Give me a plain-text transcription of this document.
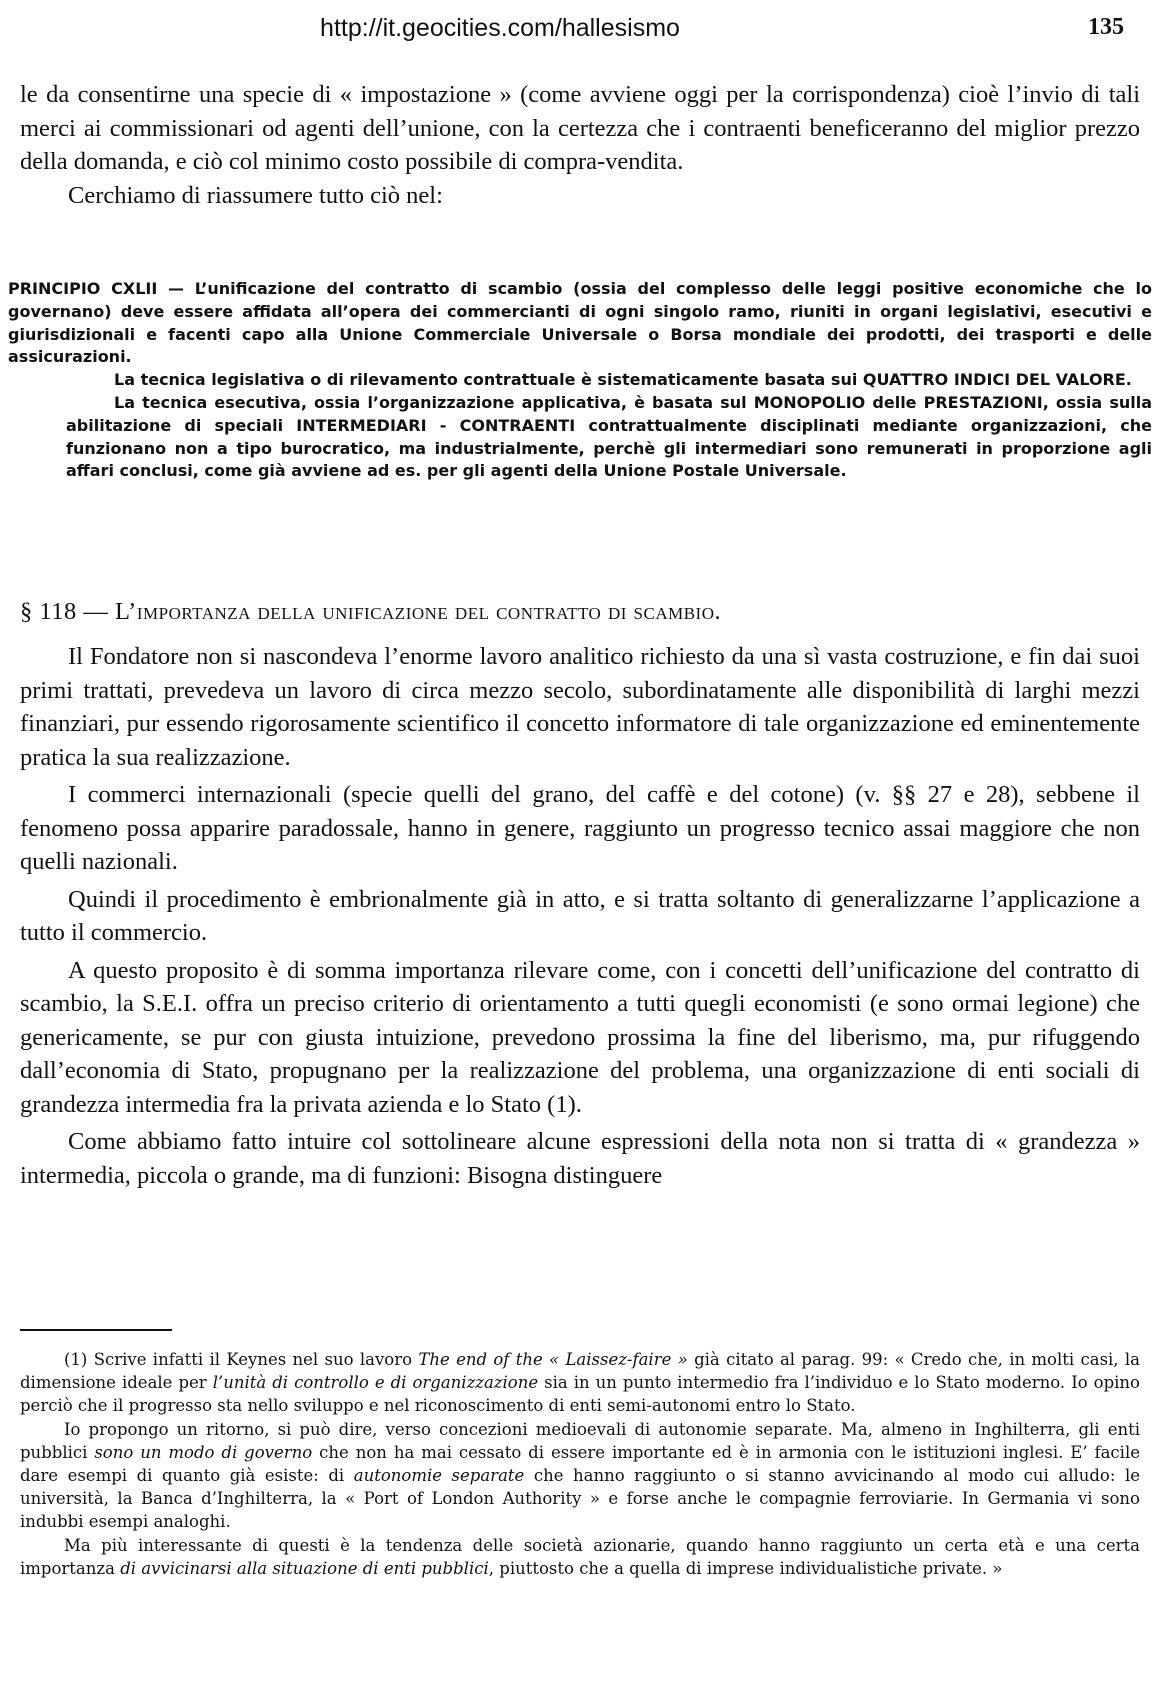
http://it.geocities.com/hallesismo	135

le da consentirne una specie di « impostazione » (come avviene oggi per la corrispondenza) cioè l’invio di tali merci ai commissionari od agenti dell’unione, con la certezza che i contraenti beneficeranno del miglior prezzo della domanda, e ciò col minimo costo possibile di compra-vendita.

Cerchiamo di riassumere tutto ciò nel:

PRINCIPIO CXLII — L’unificazione del contratto di scambio (ossia del complesso delle leggi positive economiche che lo governano) deve essere affidata all’opera dei commercianti di ogni singolo ramo, riuniti in organi legislativi, esecutivi e giurisdizionali e facenti capo alla Unione Commerciale Universale o Borsa mondiale dei prodotti, dei trasporti e delle assicurazioni.

La tecnica legislativa o di rilevamento contrattuale è sistematicamente basata sui QUATTRO INDICI DEL VALORE.

La tecnica esecutiva, ossia l’organizzazione applicativa, è basata sul MONOPOLIO delle PRESTAZIONI, ossia sulla abilitazione di speciali INTERMEDIARI - CONTRAENTI contrattualmente disciplinati mediante organizzazioni, che funzionano non a tipo burocratico, ma industrialmente, perchè gli intermediari sono remunerati in proporzione agli affari conclusi, come già avviene ad es. per gli agenti della Unione Postale Universale.

§ 118 — L’importanza della unificazione del contratto di scambio.

Il Fondatore non si nascondeva l’enorme lavoro analitico richiesto da una sì vasta costruzione, e fin dai suoi primi trattati, prevedeva un lavoro di circa mezzo secolo, subordinatamente alle disponibilità di larghi mezzi finanziari, pur essendo rigorosamente scientifico il concetto informatore di tale organizzazione ed eminentemente pratica la sua realizzazione.

I commerci internazionali (specie quelli del grano, del caffè e del cotone) (v. §§ 27 e 28), sebbene il fenomeno possa apparire paradossale, hanno in genere, raggiunto un progresso tecnico assai maggiore che non quelli nazionali.

Quindi il procedimento è embrionalmente già in atto, e si tratta soltanto di generalizzarne l’applicazione a tutto il commercio.

A questo proposito è di somma importanza rilevare come, con i concetti dell’unificazione del contratto di scambio, la S.E.I. offra un preciso criterio di orientamento a tutti quegli economisti (e sono ormai legione) che genericamente, se pur con giusta intuizione, prevedono prossima la fine del liberismo, ma, pur rifuggendo dall’economia di Stato, propugnano per la realizzazione del problema, una organizzazione di enti sociali di grandezza intermedia fra la privata azienda e lo Stato (1).

Come abbiamo fatto intuire col sottolineare alcune espressioni della nota non si tratta di « grandezza » intermedia, piccola o grande, ma di funzioni: Bisogna distinguere

(1) Scrive infatti il Keynes nel suo lavoro The end of the « Laissez-faire » già citato al parag. 99: « Credo che, in molti casi, la dimensione ideale per l’unità di controllo e di organizzazione sia in un punto intermedio fra l’individuo e lo Stato moderno. Io opino perciò che il progresso sta nello sviluppo e nel riconoscimento di enti semi-autonomi entro lo Stato.

Io propongo un ritorno, si può dire, verso concezioni medioevali di autonomie separate. Ma, almeno in Inghilterra, gli enti pubblici sono un modo di governo che non ha mai cessato di essere importante ed è in armonia con le istituzioni inglesi. E’ facile dare esempi di quanto già esiste: di autonomie separate che hanno raggiunto o si stanno avvicinando al modo cui alludo: le università, la Banca d’Inghilterra, la « Port of London Authority » e forse anche le compagnie ferroviarie. In Germania vi sono indubbi esempi analoghi.

Ma più interessante di questi è la tendenza delle società azionarie, quando hanno raggiunto un certa età e una certa importanza di avvicinarsi alla situazione di enti pubblici, piuttosto che a quella di imprese individualistiche private. »
